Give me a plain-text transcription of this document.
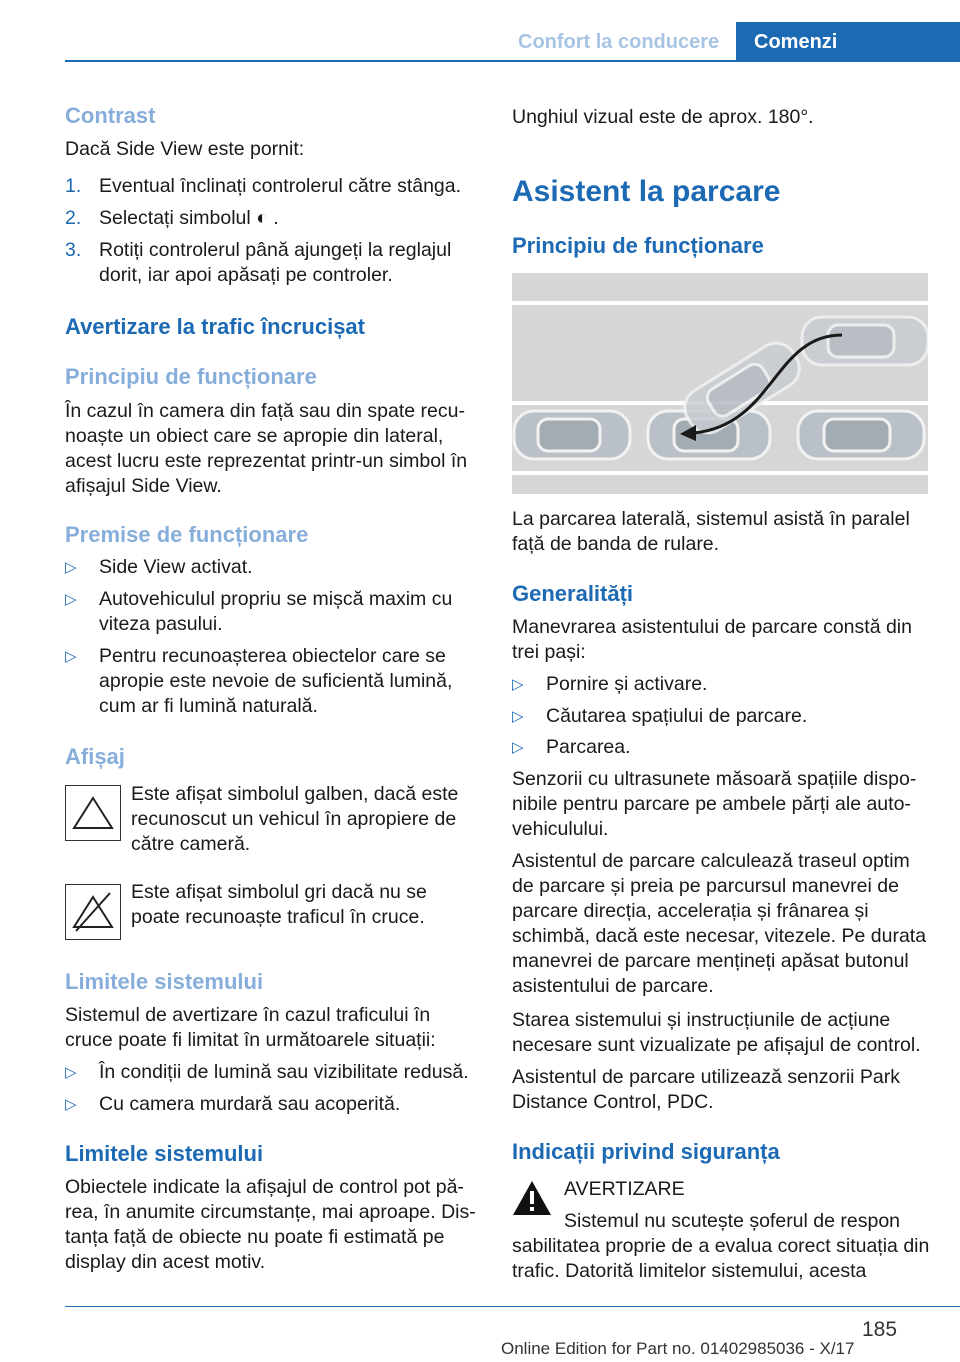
Confort la conducere Comenzi
Contrast

Dacă Side View este pornit:

1. Eventual înclinați controlerul către stânga.
2. Selectați simbolul ◐ .
3. Rotiți controlerul până ajungeți la reglajul dorit, iar apoi apăsați pe controler.
Avertizare la trafic încrucișat
Principiu de funcționare

În cazul în camera din față sau din spate recunoaște un obiect care se apropie din lateral, acest lucru este reprezentat printr-un simbol în afișajul Side View.

Premise de funcționare
▷ Side View activat.
▷ Autovehiculul propriu se mișcă maxim cu viteza pasului.
▷ Pentru recunoașterea obiectelor care se apropie este nevoie de suficientă lumină, cum ar fi lumină naturală.
Afișaj

Este afișat simbolul galben, dacă este recunoscut un vehicul în apropiere de către cameră.

Este afișat simbolul gri dacă nu se poate recunoaște traficul în cruce.

Limitele sistemului

Sistemul de avertizare în cazul traficului în cruce poate fi limitat în următoarele situații:

▷ În condiții de lumină sau vizibilitate redusă.
▷ Cu camera murdară sau acoperită.
Limitele sistemului

Obiectele indicate la afișajul de control pot părea, în anumite circumstanțe, mai aproape. Distanța față de obiecte nu poate fi estimată pe display din acest motiv.

Unghiul vizual este de aprox. 180°.

Asistent la parcare
Principiu de funcționare

La parcarea laterală, sistemul asistă în paralel față de banda de rulare.

Generalități

Manevrarea asistentului de parcare constă din trei pași:

▷ Pornire și activare.
▷ Căutarea spațiului de parcare.
▷ Parcarea.

Senzorii cu ultrasunete măsoară spațiile disponibile pentru parcare pe ambele părți ale autovehiculului.

Asistentul de parcare calculează traseul optim de parcare și preia pe parcursul manevrei de parcare direcția, accelerația și frânarea și schimbă, dacă este necesar, vitezele. Pe durata manevrei de parcare mențineți apăsat butonul asistentului de parcare.

Starea sistemului și instrucțiunile de acțiune necesare sunt vizualizate pe afișajul de control.

Asistentul de parcare utilizează senzorii Park Distance Control, PDC.

Indicații privind siguranța

AVERTIZARE

Sistemul nu scutește șoferul de respon

sabilitatea proprie de a evalua corect situația din trafic. Datorită limitelor sistemului, acesta

185
Online Edition for Part no. 01402985036 - X/17
